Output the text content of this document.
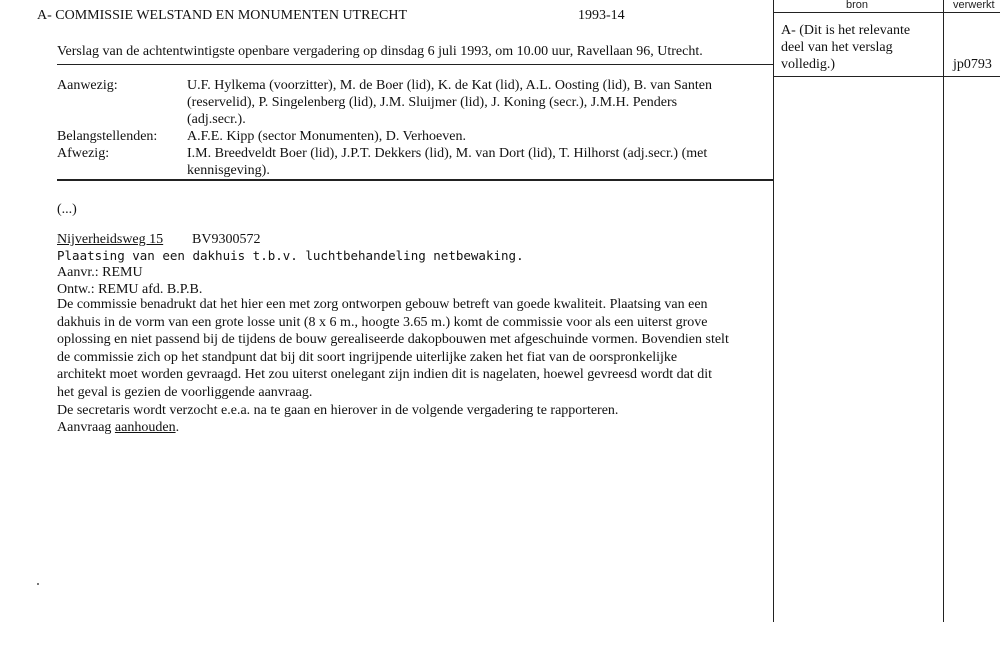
A- COMMISSIE WELSTAND EN MONUMENTEN UTRECHT	1993-14
Verslag van de achtentwintigste openbare vergadering op dinsdag 6 juli 1993, om 10.00 uur, Ravellaan 96, Utrecht.
Aanwezig:	U.F. Hylkema (voorzitter), M. de Boer (lid), K. de Kat (lid), A.L. Oosting (lid), B. van Santen
(reservelid), P. Singelenberg (lid), J.M. Sluijmer (lid), J. Koning (secr.), J.M.H. Penders
(adj.secr.).
Belangstellenden: A.F.E. Kipp (sector Monumenten), D. Verhoeven.
Afwezig:	I.M. Breedveldt Boer (lid), J.P.T. Dekkers (lid), M. van Dort (lid), T. Hilhorst (adj.secr.) (met
kennisgeving).
(...)
Nijverheidsweg 15 BV9300572
Plaatsing van een dakhuis t.b.v. luchtbehandeling netbewaking.
Aanvr.: REMU
Ontw.: REMU afd. B.P.B.
De commissie benadrukt dat het hier een met zorg ontworpen gebouw betreft van goede kwaliteit. Plaatsing van een
dakhuis in de vorm van een grote losse unit (8 x 6 m., hoogte 3.65 m.) komt de commissie voor als een uiterst grove
oplossing en niet passend bij de tijdens de bouw gerealiseerde dakopbouwen met afgeschuinde vormen. Bovendien stelt
de commissie zich op het standpunt dat bij dit soort ingrijpende uiterlijke zaken het fiat van de oorspronkelijke
architekt moet worden gevraagd. Het zou uiterst onelegant zijn indien dit is nagelaten, hoewel gevreesd wordt dat dit
het geval is gezien de voorliggende aanvraag.
De secretaris wordt verzocht e.e.a. na te gaan en hierover in de volgende vergadering te rapporteren.
Aanvraag aanhouden.
bron	verwerkt
A- (Dit is het relevante
deel van het verslag
volledig.)	jp0793
